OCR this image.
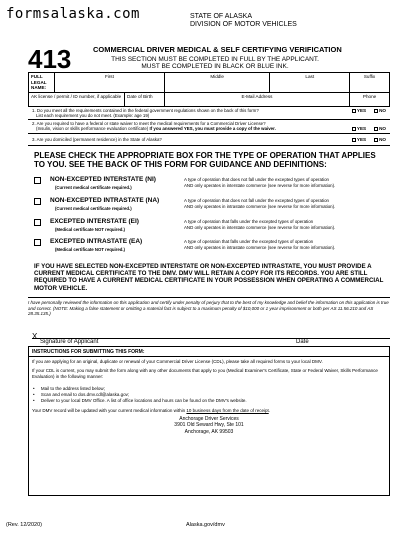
formsalaska.com	STATE OF ALASKA
DIVISION OF MOTOR VEHICLES
413	COMMERCIAL DRIVER MEDICAL & SELF CERTIFYING VERIFICATION
THIS SECTION MUST BE COMPLETED IN FULL BY THE APPLICANT.
MUST BE COMPLETED IN BLACK OR BLUE INK.
FULL LEGAL NAME:	First	Middle	Last	Suffix

AK license / permit / ID number, if applicable Date of Birth		E-Mail Address		Phone
1. Do you meet all the requirements contained in the federal government regulations shown on the back of this form?
List each requirement you do not meet. (Example: age 19)
YES	NO
2. Are you required to have a federal or state waiver to meet the medical requirements for a Commercial Driver License?
(Insulin, vision or skills performance evaluation certificate) If you answered YES, you must provide a copy of the waiver.	YES	NO
3. Are you domiciled (permanent residence) in the State of Alaska?	YES	NO
PLEASE CHECK THE APPROPRIATE BOX FOR THE TYPE OF OPERATION THAT APPLIES TO YOU. SEE THE BACK OF THIS FORM FOR GUIDANCE AND DEFINITIONS:
NON-EXCEPTED INTERSTATE (NI)
(Current medical certificate required.)
A type of operation that does not fall under the excepted types of operation
AND only operates in interstate commerce (see reverse for more information).
NON-EXCEPTED INTRASTATE (NA)
(Current medical certificate required.)
A type of operation that does not fall under the excepted types of operation
AND only operates in intrastate commerce (see reverse for more information).
EXCEPTED INTERSTATE (EI)
(Medical certificate NOT required.)
A type of operation that falls under the excepted types of operation
AND only operates in interstate commerce (see reverse for more information).
EXCEPTED INTRASTATE (EA)
(Medical certificate NOT required.)
A type of operation that falls under the excepted types of operation
AND only operates in intrastate commerce (see reverse for more information).
IF YOU HAVE SELECTED NON-EXCEPTED INTERSTATE OR NON-EXCEPTED INTRASTATE, YOU MUST PROVIDE A CURRENT MEDICAL CERTIFICATE TO THE DMV. DMV WILL RETAIN A COPY FOR ITS RECORDS. YOU ARE STILL REQUIRED TO HAVE A CURRENT MEDICAL CERTIFICATE IN YOUR POSSESSION WHEN OPERATING A COMMERCIAL MOTOR VEHICLE.
I have personally reviewed the information on this application and certify under penalty of perjury that to the best of my knowledge and belief the information on this application is true and correct. (NOTE: Making a false statement or omitting a material fact is subject to a maximum penalty of $10,000 or 1 year imprisonment or both per AS 11.56.210 and AS 28.35.135.)
X
Signature of Applicant	Date
INSTRUCTIONS FOR SUBMITTING THIS FORM:
If you are applying for an original, duplicate or renewal of your Commercial Driver License (CDL), please take all required forms to your local DMV.
If your CDL is current, you may submit the form along with any other documents that apply to you (Medical Examiner's Certificate, State or Federal Waiver, Skills Performance Evaluation) in the following manner:
•     Mail to the address listed below;
•     Scan and email to dos.dmv.cdl@alaska.gov;
•     Deliver to your local DMV Office. A list of office locations and hours can be found on the DMV's website.
Your DMV record will be updated with your current medical information within 10 business days from the date of receipt.
Anchorage Driver Services
3901 Old Seward Hwy, Ste 101
Anchorage, AK 99503
(Rev. 12/2020)	Alaska.gov/dmv
